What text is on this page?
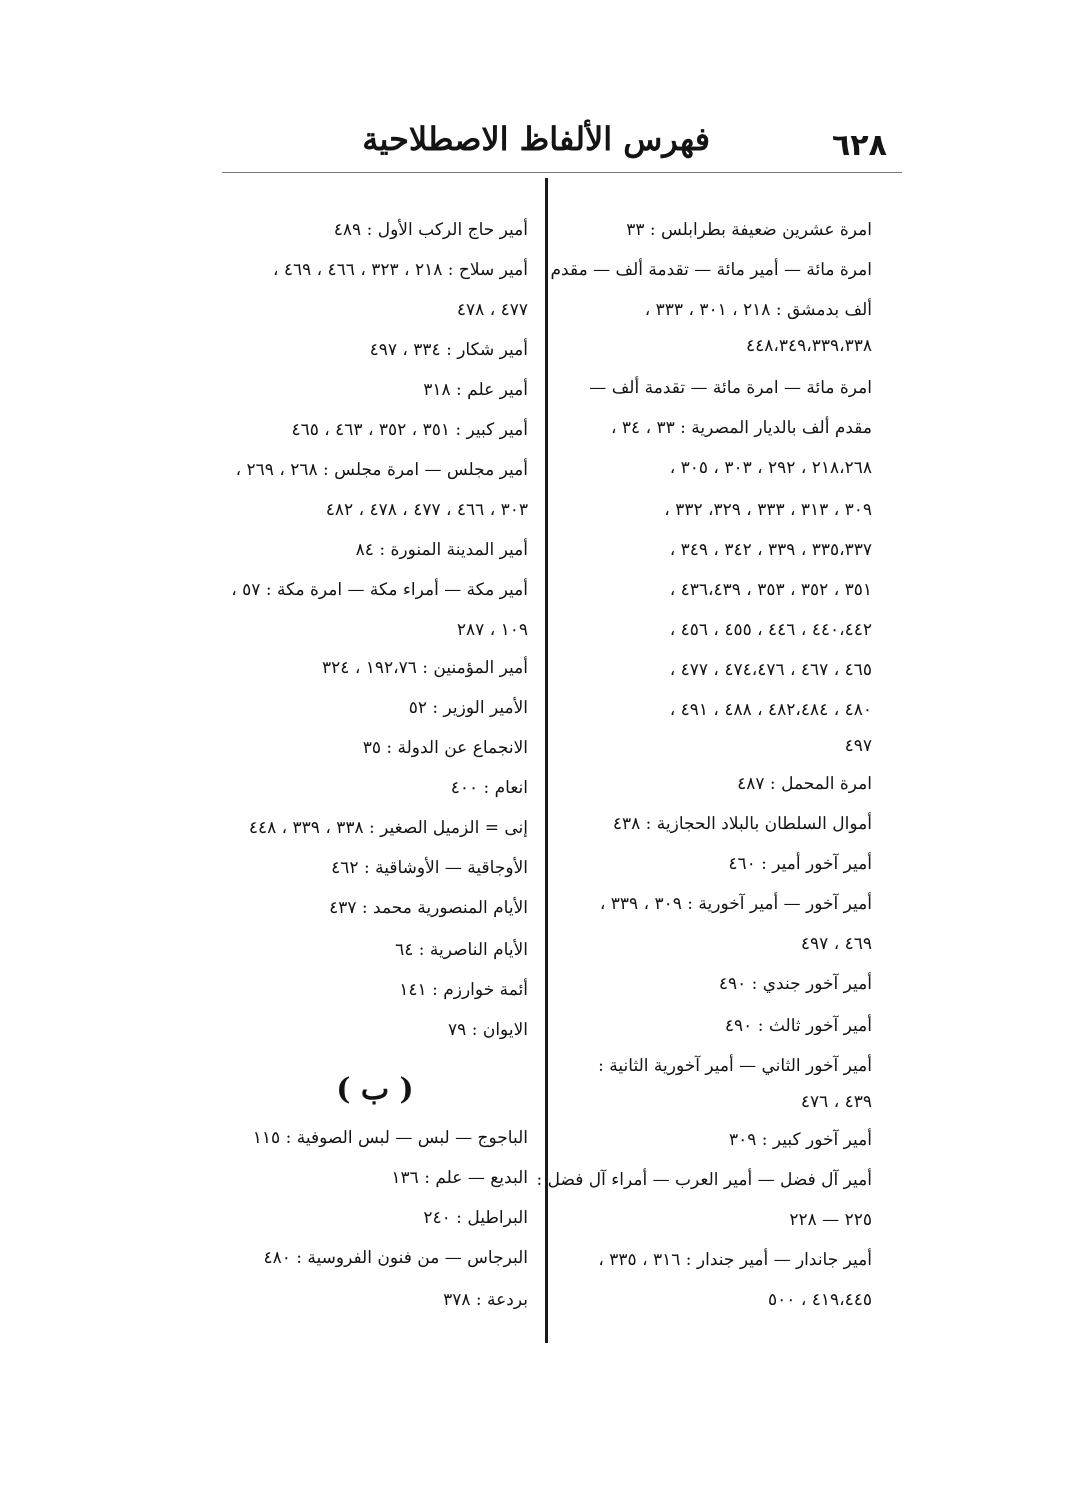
٦٢٨
فهرس الألفاظ الاصطلاحية
امرة عشرين ضعيفة بطرابلس : ٣٣
امرة مائة — أمير مائة — تقدمة ألف — مقدم
ألف بدمشق : ٢١٨ ، ٣٠١ ، ٣٣٣ ،
٤٤٨،٣٤٩،٣٣٩،٣٣٨
امرة مائة — امرة مائة — تقدمة ألف —
مقدم ألف بالديار المصرية : ٣٣ ، ٣٤ ،
٢١٨،٢٦٨ ، ٢٩٢ ، ٣٠٣ ، ٣٠٥ ،
٣٠٩ ، ٣١٣ ، ٣٣٣ ، ٣٢٩، ٣٣٢ ،
٣٣٥،٣٣٧ ، ٣٣٩ ، ٣٤٢ ، ٣٤٩ ،
٣٥١ ، ٣٥٢ ، ٣٥٣ ، ٤٣٦،٤٣٩ ،
٤٤٠،٤٤٢ ، ٤٤٦ ، ٤٥٥ ، ٤٥٦ ،
٤٦٥ ، ٤٦٧ ، ٤٧٤،٤٧٦ ، ٤٧٧ ،
٤٨٠ ، ٤٨٢،٤٨٤ ، ٤٨٨ ، ٤٩١ ،
٤٩٧
امرة المحمل : ٤٨٧
أموال السلطان بالبلاد الحجازية : ٤٣٨
أمير آخور أمير : ٤٦٠
أمير آخور — أمير آخورية : ٣٠٩ ، ٣٣٩ ،
٤٦٩ ، ٤٩٧
أمير آخور جندي : ٤٩٠
أمير آخور ثالث : ٤٩٠
أمير آخور الثاني — أمير آخورية الثانية :
٤٣٩ ، ٤٧٦
أمير آخور كبير : ٣٠٩
أمير آل فضل — أمير العرب — أمراء آل فضل :
٢٢٥ — ٢٢٨
أمير جاندار — أمير جندار : ٣١٦ ، ٣٣٥ ،
٤١٩،٤٤٥ ، ٥٠٠
أمير حاج الركب الأول : ٤٨٩
أمير سلاح : ٢١٨ ، ٣٢٣ ، ٤٦٦ ، ٤٦٩ ،
٤٧٧ ، ٤٧٨
أمير شكار : ٣٣٤ ، ٤٩٧
أمير علم : ٣١٨
أمير كبير : ٣٥١ ، ٣٥٢ ، ٤٦٣ ، ٤٦٥
أمير مجلس — امرة مجلس : ٢٦٨ ، ٢٦٩ ،
٣٠٣ ، ٤٦٦ ، ٤٧٧ ، ٤٧٨ ، ٤٨٢
أمير المدينة المنورة : ٨٤
أمير مكة — أمراء مكة — امرة مكة : ٥٧ ،
١٠٩ ، ٢٨٧
أمير المؤمنين : ١٩٢،٧٦ ، ٣٢٤
الأمير الوزير : ٥٢
الانجماع عن الدولة : ٣٥
انعام : ٤٠٠
إنى = الزميل الصغير : ٣٣٨ ، ٣٣٩ ، ٤٤٨
الأوجاقية — الأوشاقية : ٤٦٢
الأيام المنصورية محمد : ٤٣٧
الأيام الناصرية : ٦٤
أئمة خوارزم : ١٤١
الايوان : ٧٩
الباجوج — لبس — لبس الصوفية : ١١٥
البديع — علم : ١٣٦
البراطيل : ٢٤٠
البرجاس — من فنون الفروسية : ٤٨٠
بردعة : ٣٧٨
( ب )
